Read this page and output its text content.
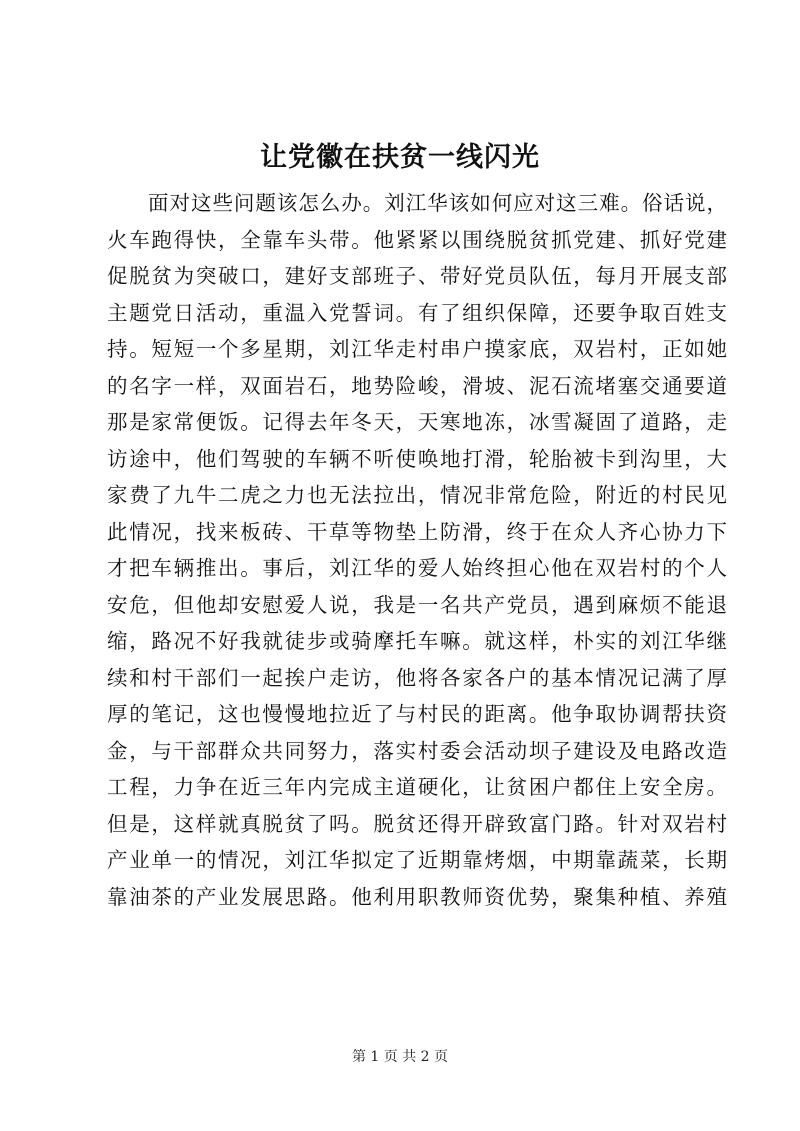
让党徽在扶贫一线闪光
面对这些问题该怎么办。刘江华该如何应对这三难。俗话说，
火车跑得快，全靠车头带。他紧紧以围绕脱贫抓党建、抓好党建
促脱贫为突破口，建好支部班子、带好党员队伍，每月开展支部
主题党日活动，重温入党誓词。有了组织保障，还要争取百姓支
持。短短一个多星期，刘江华走村串户摸家底，双岩村，正如她
的名字一样，双面岩石，地势险峻，滑坡、泥石流堵塞交通要道
那是家常便饭。记得去年冬天，天寒地冻，冰雪凝固了道路，走
访途中，他们驾驶的车辆不听使唤地打滑，轮胎被卡到沟里，大
家费了九牛二虎之力也无法拉出，情况非常危险，附近的村民见
此情况，找来板砖、干草等物垫上防滑，终于在众人齐心协力下
才把车辆推出。事后，刘江华的爱人始终担心他在双岩村的个人
安危，但他却安慰爱人说，我是一名共产党员，遇到麻烦不能退
缩，路况不好我就徒步或骑摩托车嘛。就这样，朴实的刘江华继
续和村干部们一起挨户走访，他将各家各户的基本情况记满了厚
厚的笔记，这也慢慢地拉近了与村民的距离。他争取协调帮扶资
金，与干部群众共同努力，落实村委会活动坝子建设及电路改造
工程，力争在近三年内完成主道硬化，让贫困户都住上安全房。
但是，这样就真脱贫了吗。脱贫还得开辟致富门路。针对双岩村
产业单一的情况，刘江华拟定了近期靠烤烟，中期靠蔬菜，长期
靠油茶的产业发展思路。他利用职教师资优势，聚集种植、养殖
第 1 页 共 2 页
